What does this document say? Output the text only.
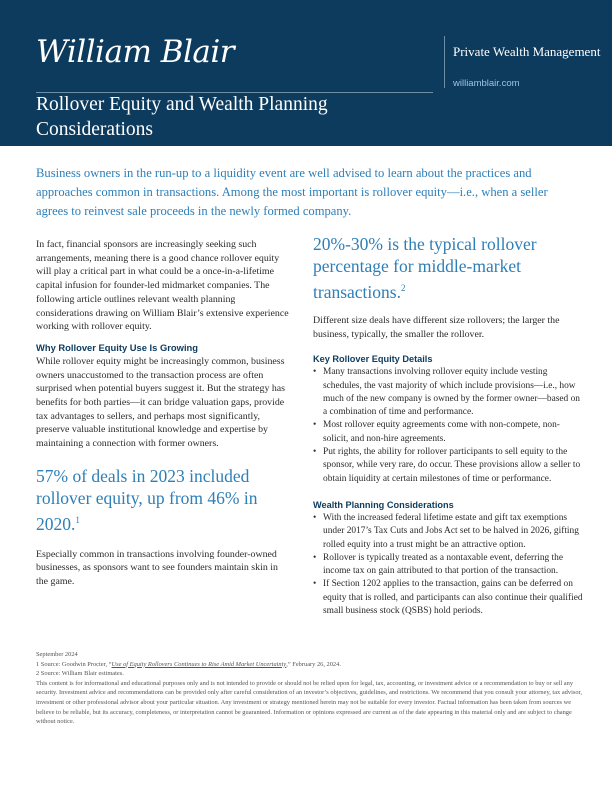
William Blair	Private Wealth Management
williamblair.com
Rollover Equity and Wealth Planning Considerations

Business owners in the run-up to a liquidity event are well advised to learn about the practices and approaches common in transactions. Among the most important is rollover equity—i.e., when a seller agrees to reinvest sale proceeds in the newly formed company.

In fact, financial sponsors are increasingly seeking such arrangements, meaning there is a good chance rollover equity will play a critical part in what could be a once-in-a-lifetime capital infusion for founder-led midmarket companies. The following article outlines relevant wealth planning considerations drawing on William Blair’s extensive experience working with rollover equity.

Why Rollover Equity Use Is Growing

While rollover equity might be increasingly common, business owners unaccustomed to the transaction process are often surprised when potential buyers suggest it. But the strategy has benefits for both parties—it can bridge valuation gaps, provide tax advantages to sellers, and perhaps most significantly, preserve valuable institutional knowledge and expertise by maintaining a connection with former owners.

57% of deals in 2023 included rollover equity, up from 46% in 2020.$^1$

Especially common in transactions involving founder-owned businesses, as sponsors want to see founders maintain skin in the game.

20%-30% is the typical rollover percentage for middle-market transactions.$^2$

Different size deals have different size rollovers; the larger the business, typically, the smaller the rollover.

Key Rollover Equity Details
• Many transactions involving rollover equity include vesting schedules, the vast majority of which include provisions—i.e., how much of the new company is owned by the former owner—based on a combination of time and performance.
• Most rollover equity agreements come with non-compete, non-solicit, and non-hire agreements.
• Put rights, the ability for rollover participants to sell equity to the sponsor, while very rare, do occur. These provisions allow a seller to obtain liquidity at certain milestones of time or performance.
Wealth Planning Considerations
• With the increased federal lifetime estate and gift tax exemptions under 2017’s Tax Cuts and Jobs Act set to be halved in 2026, gifting rolled equity into a trust might be an attractive option.
• Rollover is typically treated as a nontaxable event, deferring the income tax on gain attributed to that portion of the transaction.
• If Section 1202 applies to the transaction, gains can be deferred on equity that is rolled, and participants can also continue their qualified small business stock (QSBS) hold periods.
September 2024
1 Source: Goodwin Procter, “Use of Equity Rollovers Continues to Rise Amid Market Uncertainty,” February 26, 2024.
2 Source: William Blair estimates.
This content is for informational and educational purposes only and is not intended to provide or should not be relied upon for legal, tax, accounting, or investment advice or a recommendation to buy or sell any security. Investment advice and recommendations can be provided only after careful consideration of an investor’s objectives, guidelines, and restrictions. We recommend that you consult your attorney, tax advisor, investment or other professional advisor about your particular situation. Any investment or strategy mentioned herein may not be suitable for every investor. Factual information has been taken from sources we believe to be reliable, but its accuracy, completeness, or interpretation cannot be guaranteed. Information or opinions expressed are current as of the date appearing in this material only and are subject to change without notice.
